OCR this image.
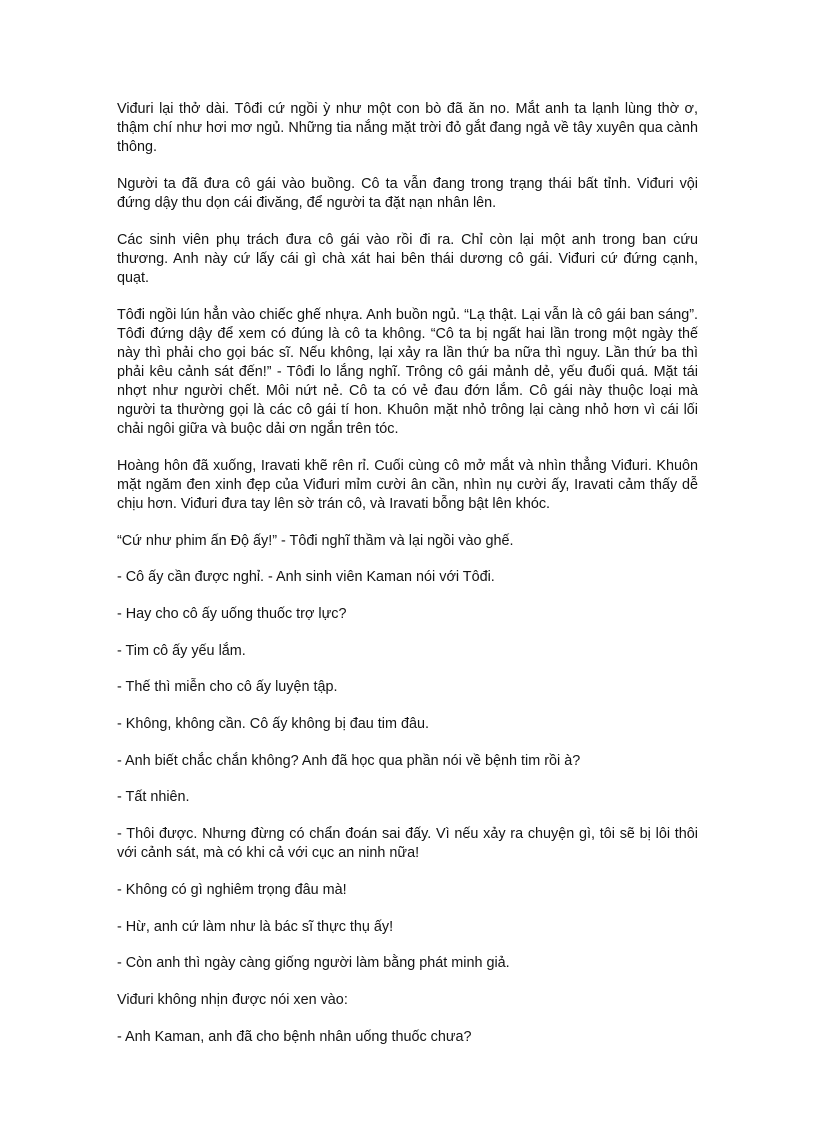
Viđuri lại thở dài. Tôđi cứ ngồi ỳ như một con bò đã ăn no. Mắt anh ta lạnh lùng thờ ơ, thậm chí như hơi mơ ngủ. Những tia nắng mặt trời đỏ gắt đang ngả về tây xuyên qua cành thông.

Người ta đã đưa cô gái vào buồng. Cô ta vẫn đang trong trạng thái bất tỉnh. Viđuri vội đứng dậy thu dọn cái đivăng, để người ta đặt nạn nhân lên.

Các sinh viên phụ trách đưa cô gái vào rồi đi ra. Chỉ còn lại một anh trong ban cứu thương. Anh này cứ lấy cái gì chà xát hai bên thái dương cô gái. Viđuri cứ đứng cạnh, quạt.

Tôđi ngồi lún hẳn vào chiếc ghế nhựa. Anh buồn ngủ. “Lạ thật. Lại vẫn là cô gái ban sáng”. Tôđi đứng dậy để xem có đúng là cô ta không. “Cô ta bị ngất hai lần trong một ngày thế này thì phải cho gọi bác sĩ. Nếu không, lại xảy ra lần thứ ba nữa thì nguy. Lần thứ ba thì phải kêu cảnh sát đến!” - Tôđi lo lắng nghĩ. Trông cô gái mảnh dẻ, yếu đuối quá. Mặt tái nhợt như người chết. Môi nứt nẻ. Cô ta có vẻ đau đớn lắm. Cô gái này thuộc loại mà người ta thường gọi là các cô gái tí hon. Khuôn mặt nhỏ trông lại càng nhỏ hơn vì cái lối chải ngôi giữa và buộc dải ơn ngắn trên tóc.

Hoàng hôn đã xuống, Iravati khẽ rên rỉ. Cuối cùng cô mở mắt và nhìn thẳng Viđuri. Khuôn mặt ngăm đen xinh đẹp của Viđuri mỉm cười ân cần, nhìn nụ cười ấy, Iravati cảm thấy dễ chịu hơn. Viđuri đưa tay lên sờ trán cô, và Iravati bỗng bật lên khóc.

“Cứ như phim ấn Độ ấy!” - Tôđi nghĩ thầm và lại ngồi vào ghế.

- Cô ấy cần được nghỉ. - Anh sinh viên Kaman nói với Tôđi.

- Hay cho cô ấy uống thuốc trợ lực?

- Tim cô ấy yếu lắm.

- Thế thì miễn cho cô ấy luyện tập.

- Không, không cần. Cô ấy không bị đau tim đâu.

- Anh biết chắc chắn không? Anh đã học qua phần nói về bệnh tim rồi à?

- Tất nhiên.

- Thôi được. Nhưng đừng có chẩn đoán sai đấy. Vì nếu xảy ra chuyện gì, tôi sẽ bị lôi thôi với cảnh sát, mà có khi cả với cục an ninh nữa!

- Không có gì nghiêm trọng đâu mà!

- Hừ, anh cứ làm như là bác sĩ thực thụ ấy!

- Còn anh thì ngày càng giống người làm bằng phát minh giả.

Viđuri không nhịn được nói xen vào:

- Anh Kaman, anh đã cho bệnh nhân uống thuốc chưa?
